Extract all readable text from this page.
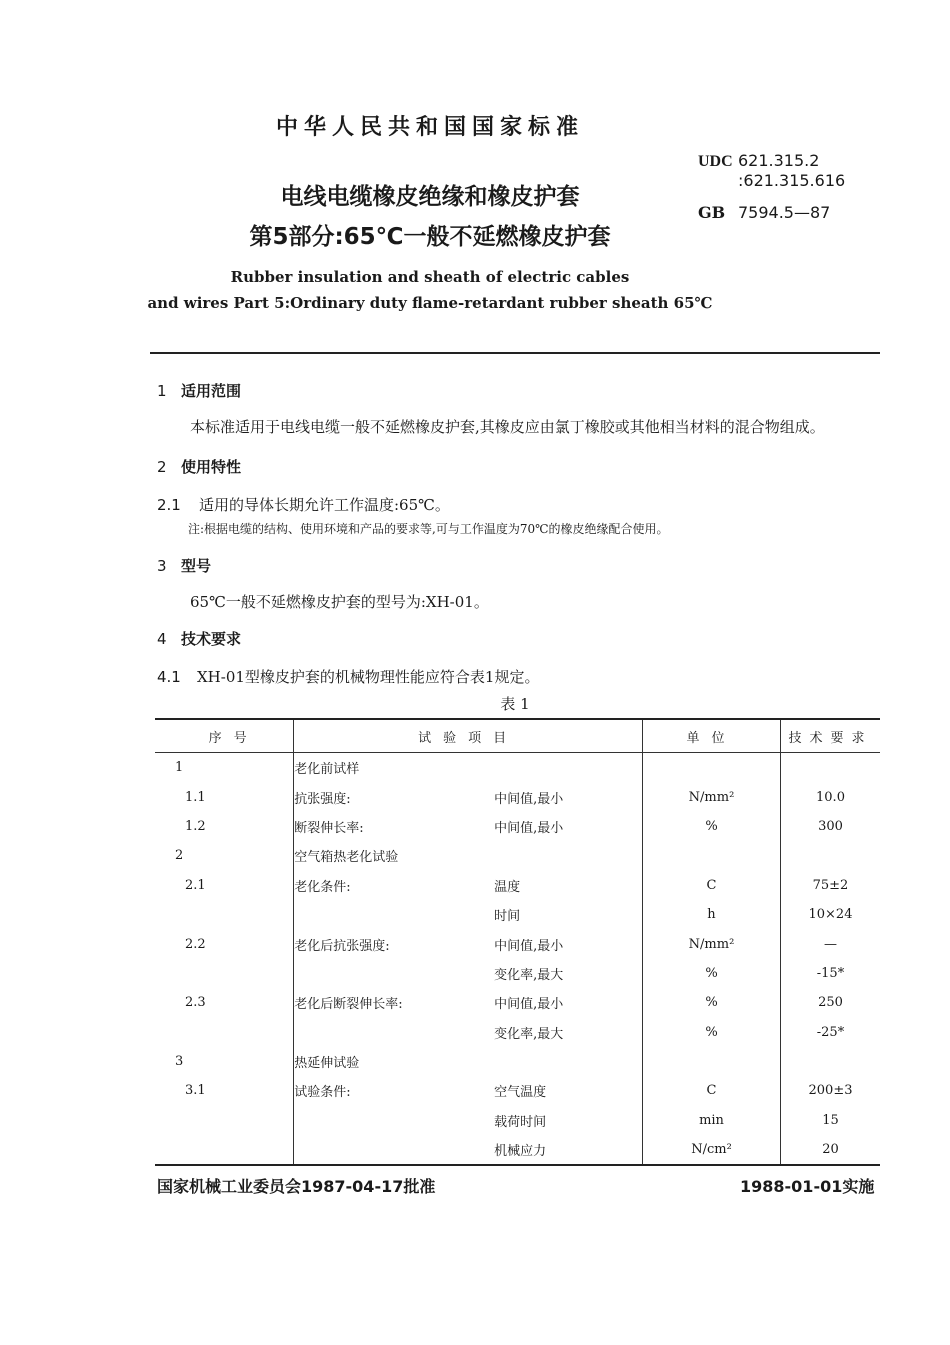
中华人民共和国国家标准
UDC 621.315.2
:621.315.616
GB 7594.5—87
电线电缆橡皮绝缘和橡皮护套
第5部分:65℃一般不延燃橡皮护套
Rubber insulation and sheath of electric cables
and wires Part 5:Ordinary duty flame-retardant rubber sheath 65℃
1 适用范围
本标准适用于电线电缆一般不延燃橡皮护套,其橡皮应由氯丁橡胶或其他相当材料的混合物组成。
2 使用特性
2.1 适用的导体长期允许工作温度:65℃。
注:根据电缆的结构、使用环境和产品的要求等,可与工作温度为70℃的橡皮绝缘配合使用。
3 型号
65℃一般不延燃橡皮护套的型号为:XH-01。
4 技术要求
4.1 XH-01型橡皮护套的机械物理性能应符合表1规定。
表 1
序号	试验项目		单位	技术要求
1	老化前试样			
1.1	抗张强度:	中间值,最小	N/mm²	10.0
1.2	断裂伸长率:	中间值,最小	%	300
2	空气箱热老化试验			
2.1	老化条件:	温度	C	75±2
		时间	h	10×24
2.2	老化后抗张强度:	中间值,最小	N/mm²	—
		变化率,最大	%	-15*
2.3	老化后断裂伸长率:	中间值,最小	%	250
		变化率,最大	%	-25*
3	热延伸试验			
3.1	试验条件:	空气温度	C	200±3
		载荷时间	min	15
		机械应力	N/cm²	20
国家机械工业委员会1987-04-17批准	1988-01-01实施
